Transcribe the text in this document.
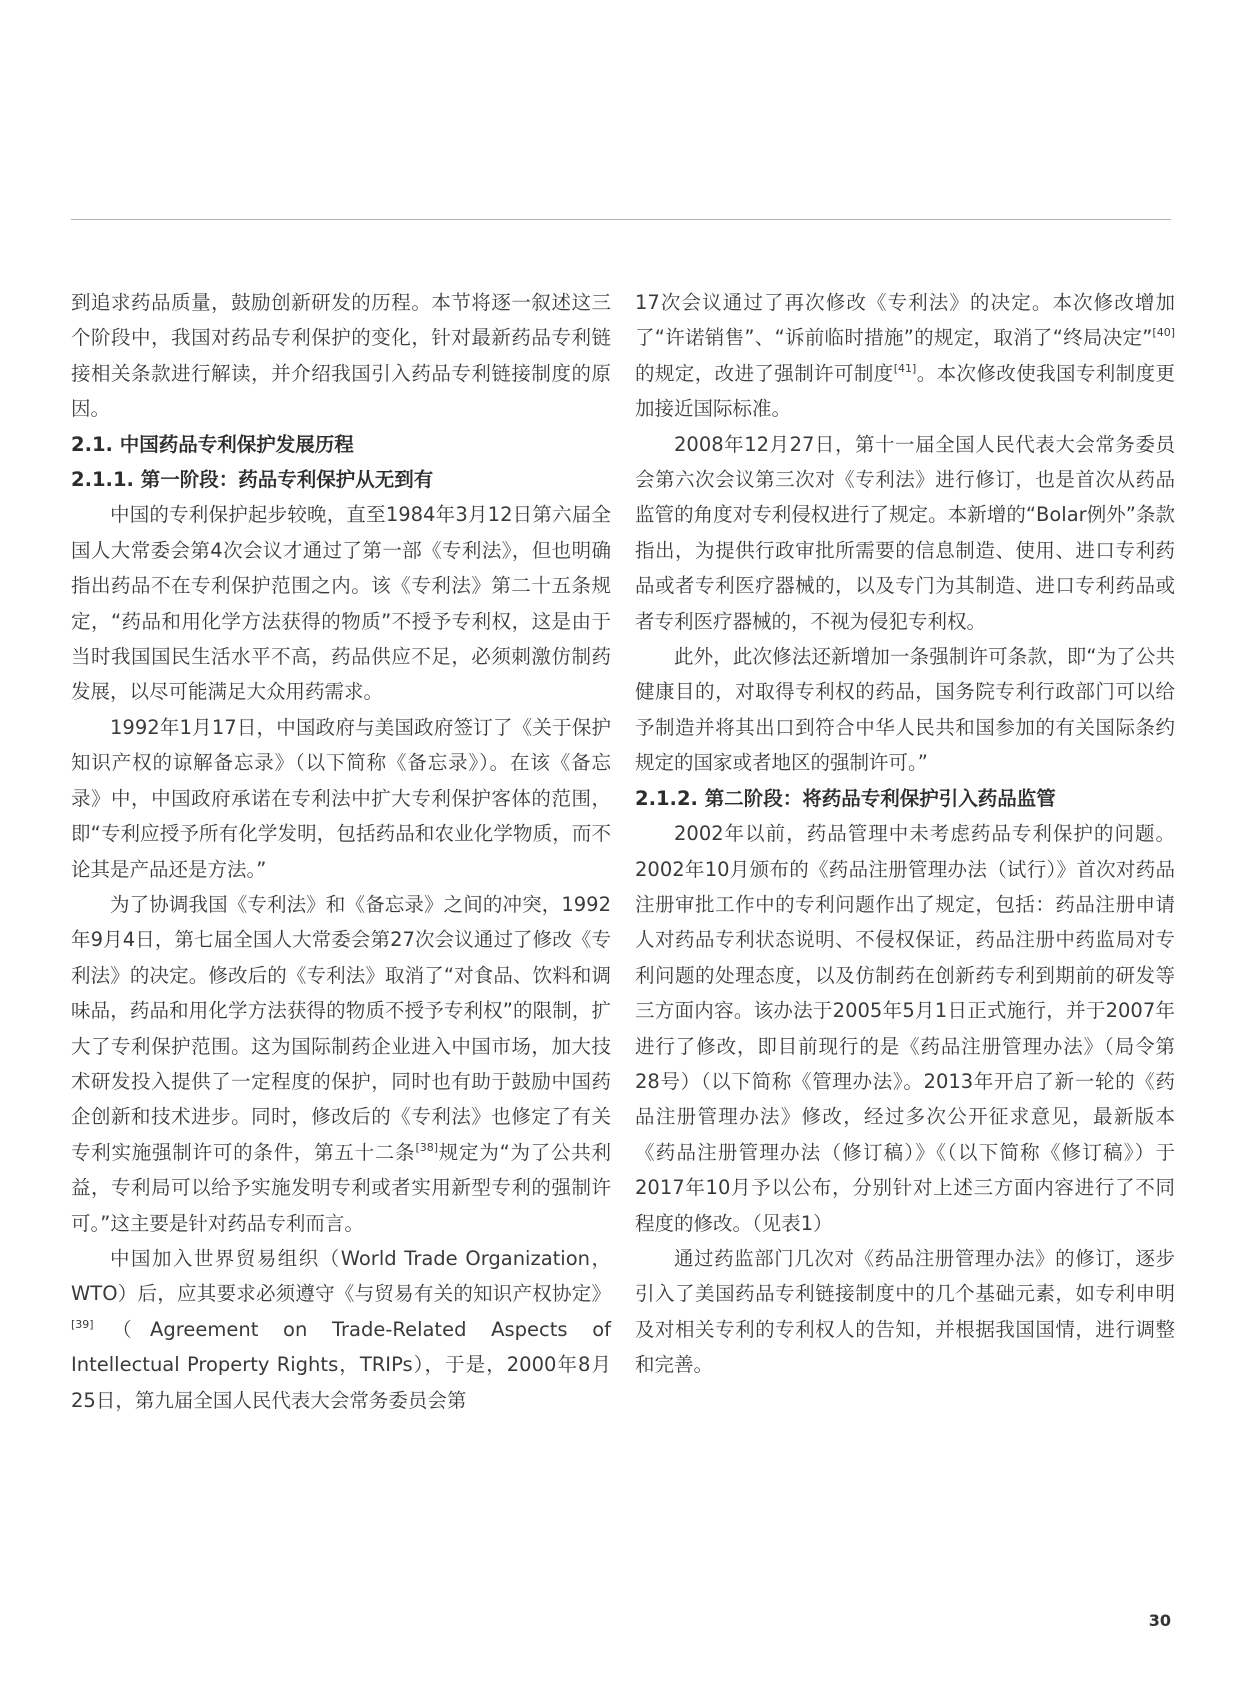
到追求药品质量，鼓励创新研发的历程。本节将逐一叙述这三个阶段中，我国对药品专利保护的变化，针对最新药品专利链接相关条款进行解读，并介绍我国引入药品专利链接制度的原因。

2.1. 中国药品专利保护发展历程
2.1.1. 第一阶段：药品专利保护从无到有

中国的专利保护起步较晚，直至1984年3月12日第六届全国人大常委会第4次会议才通过了第一部《专利法》，但也明确指出药品不在专利保护范围之内。该《专利法》第二十五条规定，“药品和用化学方法获得的物质”不授予专利权，这是由于当时我国国民生活水平不高，药品供应不足，必须刺激仿制药发展，以尽可能满足大众用药需求。

1992年1月17日，中国政府与美国政府签订了《关于保护知识产权的谅解备忘录》（以下简称《备忘录》）。在该《备忘录》中，中国政府承诺在专利法中扩大专利保护客体的范围，即“专利应授予所有化学发明，包括药品和农业化学物质，而不论其是产品还是方法。”

为了协调我国《专利法》和《备忘录》之间的冲突，1992年9月4日，第七届全国人大常委会第27次会议通过了修改《专利法》的决定。修改后的《专利法》取消了“对食品、饮料和调味品，药品和用化学方法获得的物质不授予专利权”的限制，扩大了专利保护范围。这为国际制药企业进入中国市场，加大技术研发投入提供了一定程度的保护，同时也有助于鼓励中国药企创新和技术进步。同时，修改后的《专利法》也修定了有关专利实施强制许可的条件，第五十二条[38]规定为“为了公共利益，专利局可以给予实施发明专利或者实用新型专利的强制许可。”这主要是针对药品专利而言。

中国加入世界贸易组织（World Trade Organization，WTO）后，应其要求必须遵守《与贸易有关的知识产权协定》[39]（Agreement on Trade-Related Aspects of Intellectual Property Rights，TRIPs），于是，2000年8月25日，第九届全国人民代表大会常务委员会第

17次会议通过了再次修改《专利法》的决定。本次修改增加了“许诺销售”、“诉前临时措施”的规定，取消了“终局决定”[40]的规定，改进了强制许可制度[41]。本次修改使我国专利制度更加接近国际标准。

2008年12月27日，第十一届全国人民代表大会常务委员会第六次会议第三次对《专利法》进行修订，也是首次从药品监管的角度对专利侵权进行了规定。本新增的“Bolar例外”条款指出，为提供行政审批所需要的信息制造、使用、进口专利药品或者专利医疗器械的，以及专门为其制造、进口专利药品或者专利医疗器械的，不视为侵犯专利权。

此外，此次修法还新增加一条强制许可条款，即“为了公共健康目的，对取得专利权的药品，国务院专利行政部门可以给予制造并将其出口到符合中华人民共和国参加的有关国际条约规定的国家或者地区的强制许可。”

2.1.2. 第二阶段：将药品专利保护引入药品监管

2002年以前，药品管理中未考虑药品专利保护的问题。2002年10月颁布的《药品注册管理办法（试行）》首次对药品注册审批工作中的专利问题作出了规定，包括：药品注册申请人对药品专利状态说明、不侵权保证，药品注册中药监局对专利问题的处理态度，以及仿制药在创新药专利到期前的研发等三方面内容。该办法于2005年5月1日正式施行，并于2007年进行了修改，即目前现行的是《药品注册管理办法》（局令第28号）（以下简称《管理办法》。2013年开启了新一轮的《药品注册管理办法》修改，经过多次公开征求意见，最新版本《药品注册管理办法（修订稿）》《（以下简称《修订稿》）于2017年10月予以公布，分别针对上述三方面内容进行了不同程度的修改。（见表1）

通过药监部门几次对《药品注册管理办法》的修订，逐步引入了美国药品专利链接制度中的几个基础元素，如专利申明及对相关专利的专利权人的告知，并根据我国国情，进行调整和完善。

30
